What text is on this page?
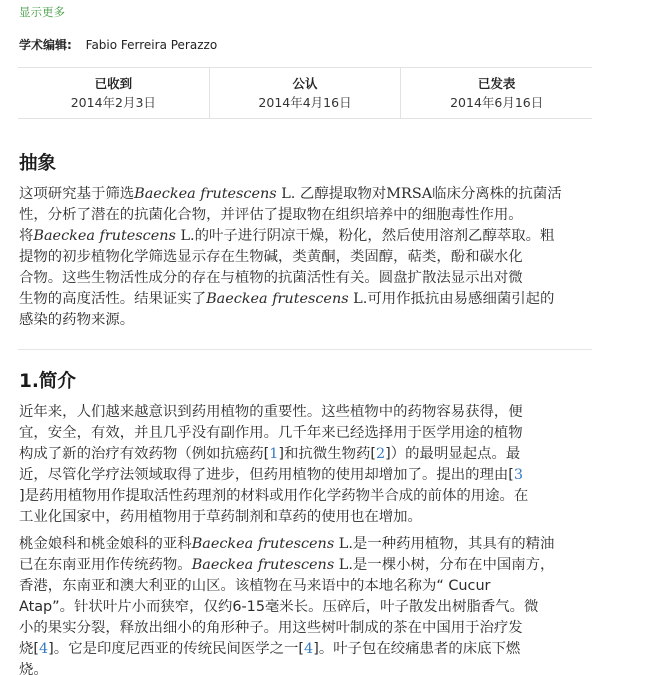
显示更多
学术编辑: Fabio Ferreira Perazzo
已收到
2014年2月3日
公认
2014年4月16日
已发表
2014年6月16日
抽象

这项研究基于筛选Baeckea frutescens L. 乙醇提取物对MRSA临床分离株的抗菌活
性，分析了潜在的抗菌化合物，并评估了提取物在组织培养中的细胞毒性作用。
将Baeckea frutescens L.的叶子进行阴凉干燥，粉化，然后使用溶剂乙醇萃取。粗
提物的初步植物化学筛选显示存在生物碱，类黄酮，类固醇，萜类，酚和碳水化
合物。这些生物活性成分的存在与植物的抗菌活性有关。圆盘扩散法显示出对微
生物的高度活性。结果证实了Baeckea frutescens L.可用作抵抗由易感细菌引起的
感染的药物来源。

1.简介

近年来，人们越来越意识到药用植物的重要性。这些植物中的药物容易获得，便
宜，安全，有效，并且几乎没有副作用。几千年来已经选择用于医学用途的植物
构成了新的治疗有效药物（例如抗癌药[1]和抗微生物药[2]）的最明显起点。最
近，尽管化学疗法领域取得了进步，但药用植物的使用却增加了。提出的理由[3
]是药用植物用作提取活性药理剂的材料或用作化学药物半合成的前体的用途。在
工业化国家中，药用植物用于草药制剂和草药的使用也在增加。

桃金娘科和桃金娘科的亚科Baeckea frutescens L.是一种药用植物，其具有的精油
已在东南亚用作传统药物。Baeckea frutescens L.是一棵小树，分布在中国南方，
香港，东南亚和澳大利亚的山区。该植物在马来语中的本地名称为“ Cucur
Atap”。针状叶片小而狭窄，仅约6-15毫米长。压碎后，叶子散发出树脂香气。微
小的果实分裂，释放出细小的角形种子。用这些树叶制成的茶在中国用于治疗发
烧[4]。它是印度尼西亚的传统民间医学之一[4]。叶子包在绞痛患者的床底下燃
烧。
